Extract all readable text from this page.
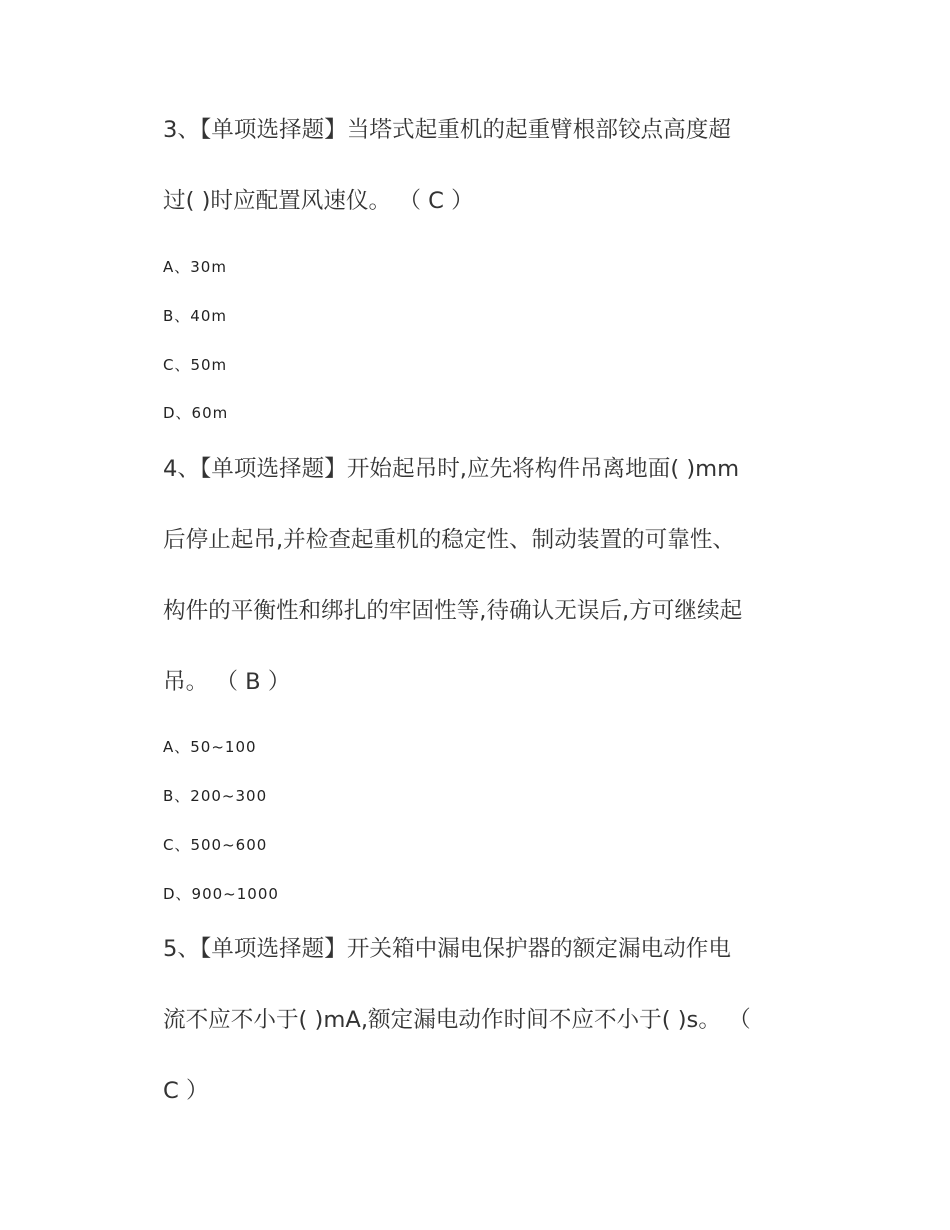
3、【单项选择题】当塔式起重机的起重臂根部铰点高度超
过( )时应配置风速仪。 （ C ）
A、30m
B、40m
C、50m
D、60m
4、【单项选择题】开始起吊时,应先将构件吊离地面( )mm
后停止起吊,并检查起重机的稳定性、制动装置的可靠性、
构件的平衡性和绑扎的牢固性等,待确认无误后,方可继续起
吊。 （ B ）
A、50~100
B、200~300
C、500~600
D、900~1000
5、【单项选择题】开关箱中漏电保护器的额定漏电动作电
流不应不小于( )mA,额定漏电动作时间不应不小于( )s。 （
C ）
